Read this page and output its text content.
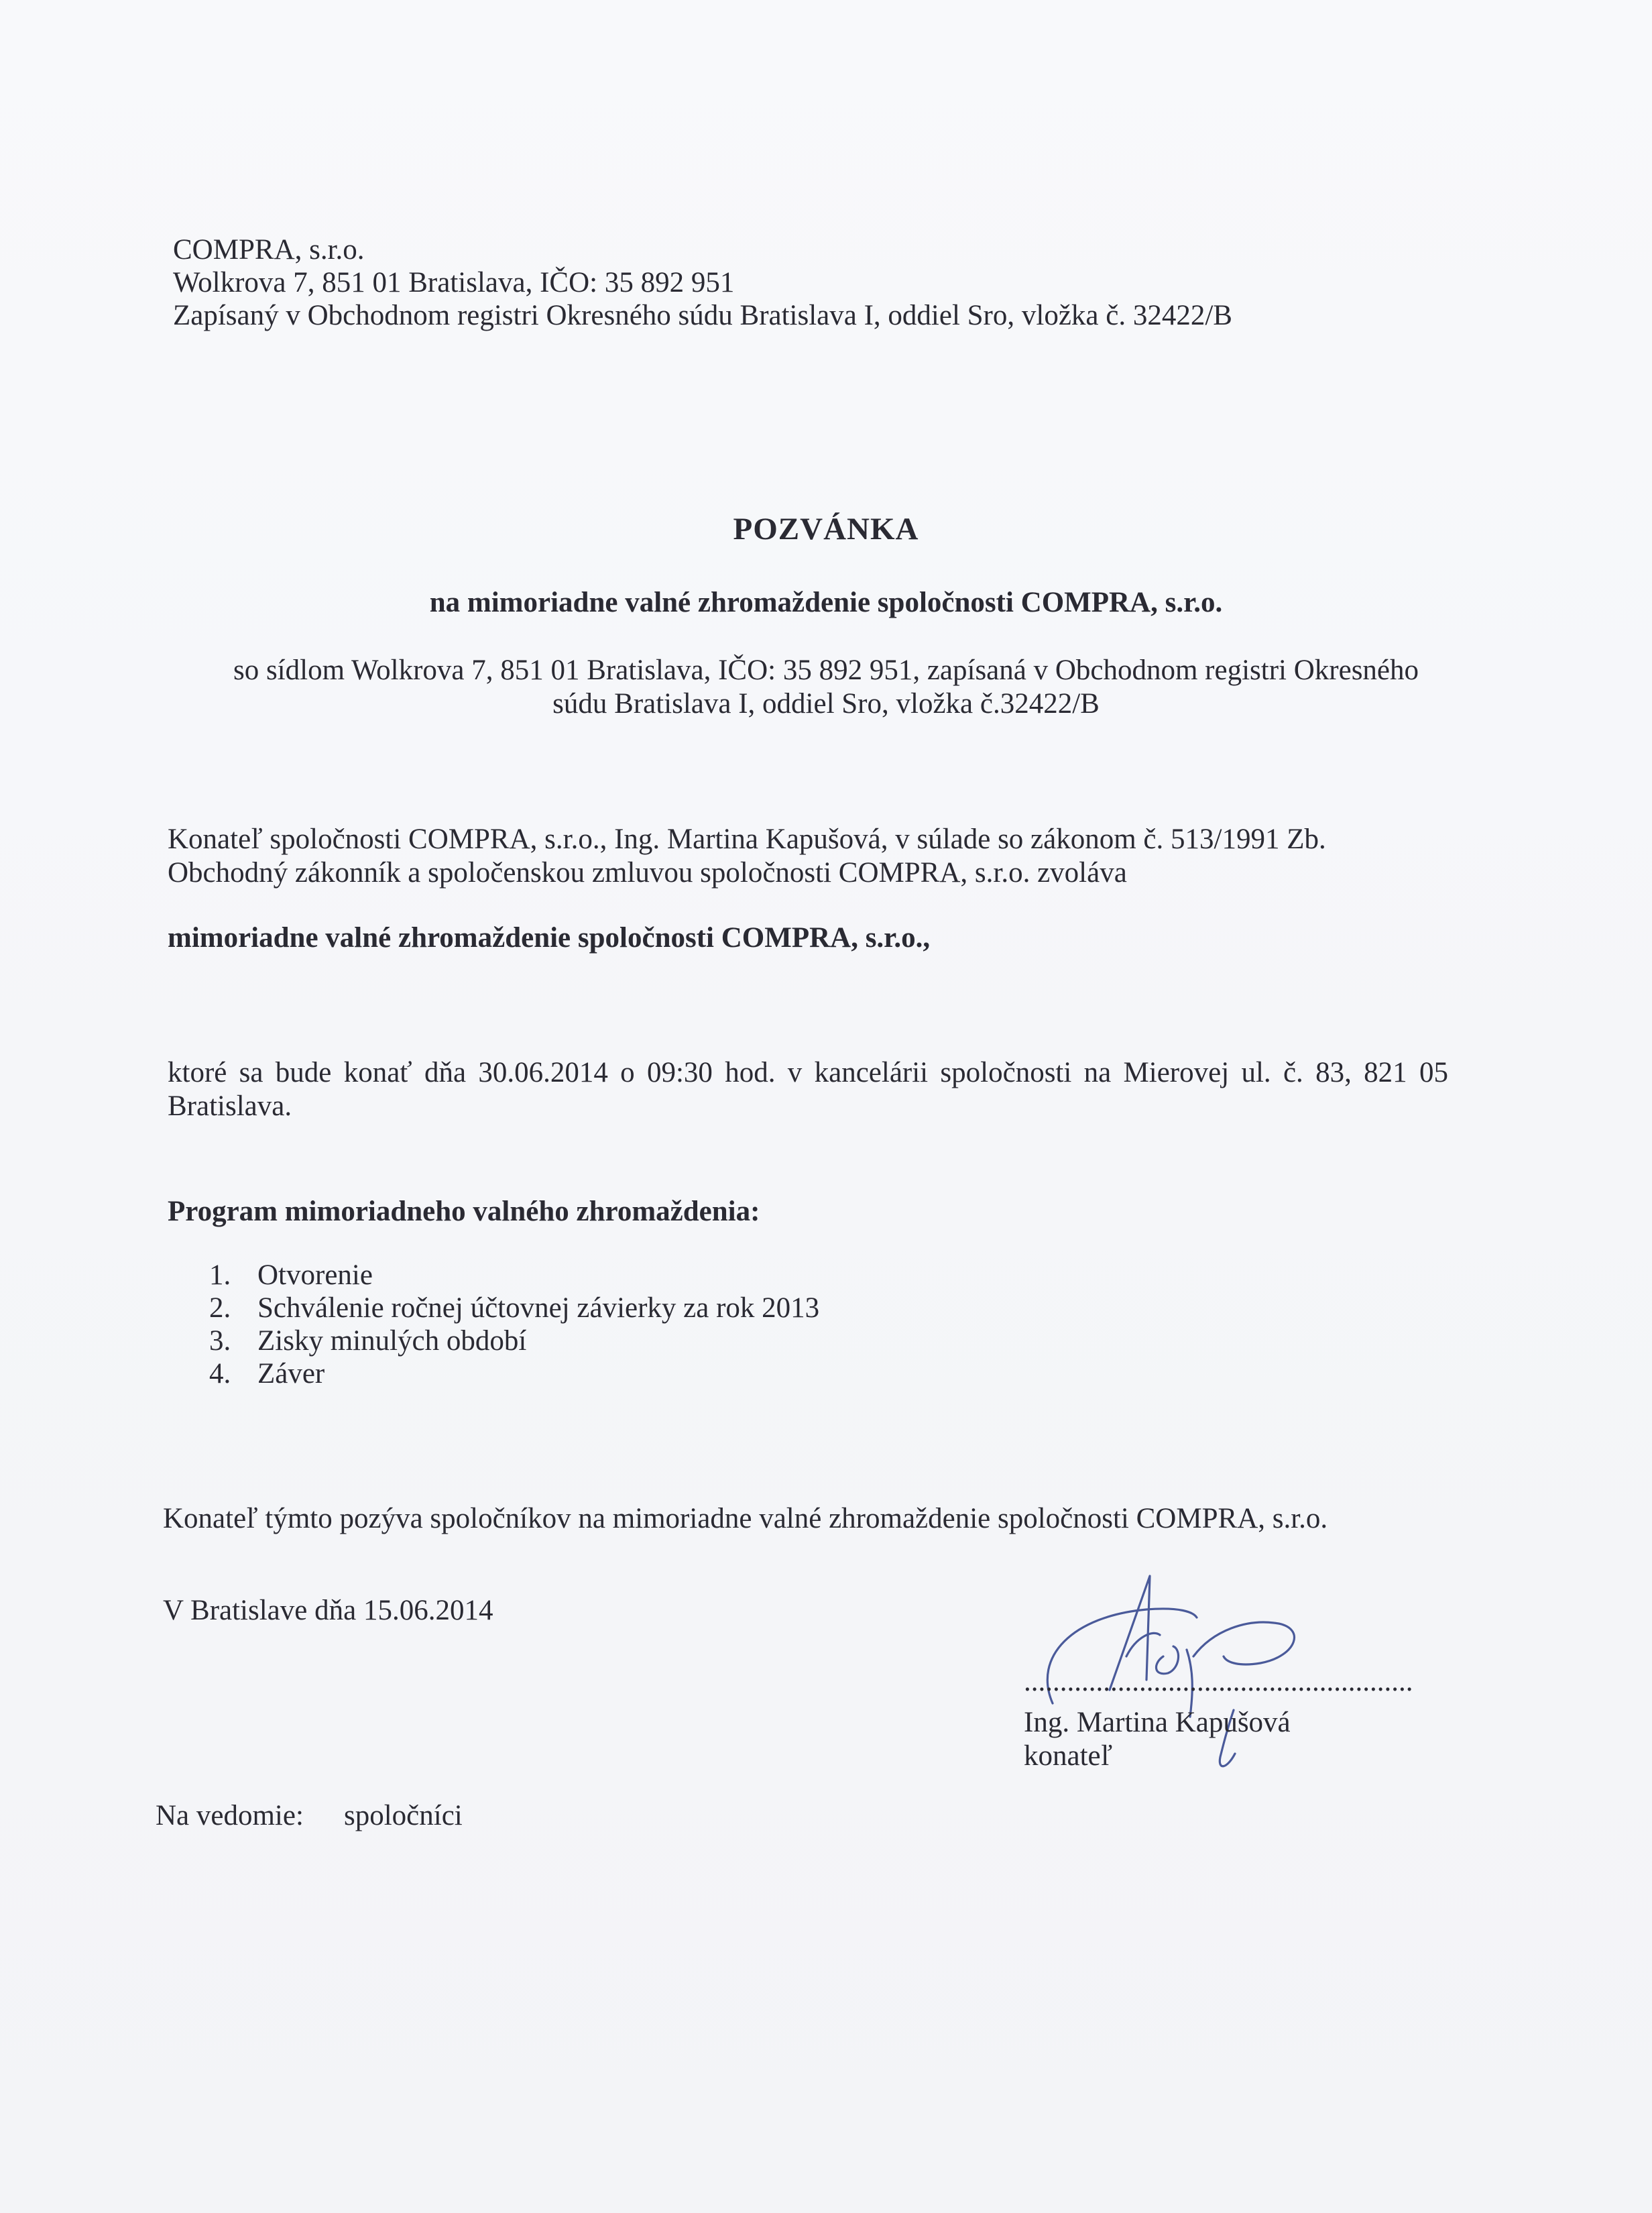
COMPRA, s.r.o.
Wolkrova 7, 851 01 Bratislava, IČO: 35 892 951
Zapísaný v Obchodnom registri Okresného súdu Bratislava I, oddiel Sro, vložka č. 32422/B
POZVÁNKA
na mimoriadne valné zhromaždenie spoločnosti COMPRA, s.r.o.
so sídlom Wolkrova 7, 851 01 Bratislava, IČO: 35 892 951, zapísaná v Obchodnom registri Okresného
súdu Bratislava I, oddiel Sro, vložka č.32422/B
Konateľ spoločnosti COMPRA, s.r.o., Ing. Martina Kapušová, v súlade so zákonom č. 513/1991 Zb.
Obchodný zákonník a spoločenskou zmluvou spoločnosti COMPRA, s.r.o. zvoláva
mimoriadne valné zhromaždenie spoločnosti COMPRA, s.r.o.,
ktoré sa bude konať dňa 30.06.2014 o 09:30 hod. v kancelárii spoločnosti na Mierovej ul. č. 83, 821 05
Bratislava.
Program mimoriadneho valného zhromaždenia:
1. Otvorenie
2. Schválenie ročnej účtovnej závierky za rok 2013
3. Zisky minulých období
4. Záver
Konateľ týmto pozýva spoločníkov na mimoriadne valné zhromaždenie spoločnosti COMPRA, s.r.o.
V Bratislave dňa 15.06.2014
......................................................
Ing. Martina Kapušová
konateľ
Na vedomie: spoločníci
